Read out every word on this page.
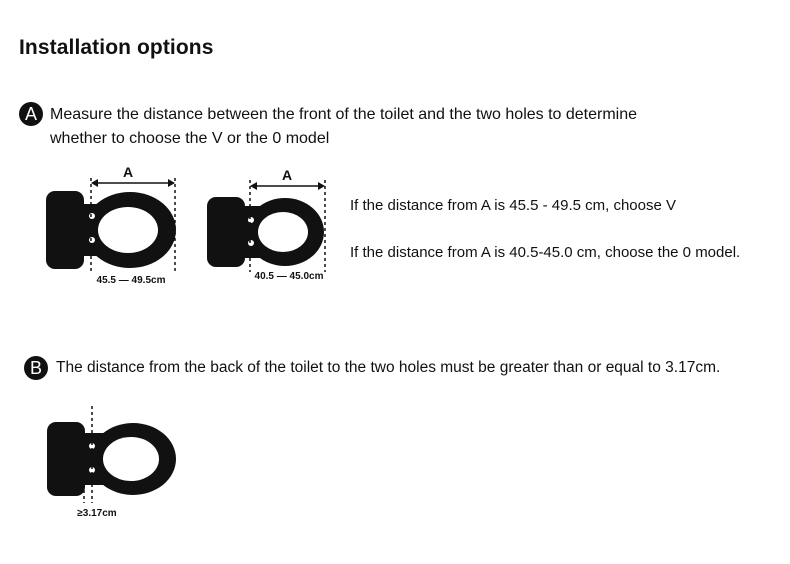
Installation options
A Measure the distance between the front of the toilet and the two holes to determine
whether to choose the V or the 0 model
A
45.5 — 49.5cm
A
40.5 — 45.0cm
≥3.17cm
If the distance from A is 45.5 - 49.5 cm, choose V
If the distance from A is 40.5-45.0 cm, choose the 0 model.
B The distance from the back of the toilet to the two holes must be greater than or equal to 3.17cm.
